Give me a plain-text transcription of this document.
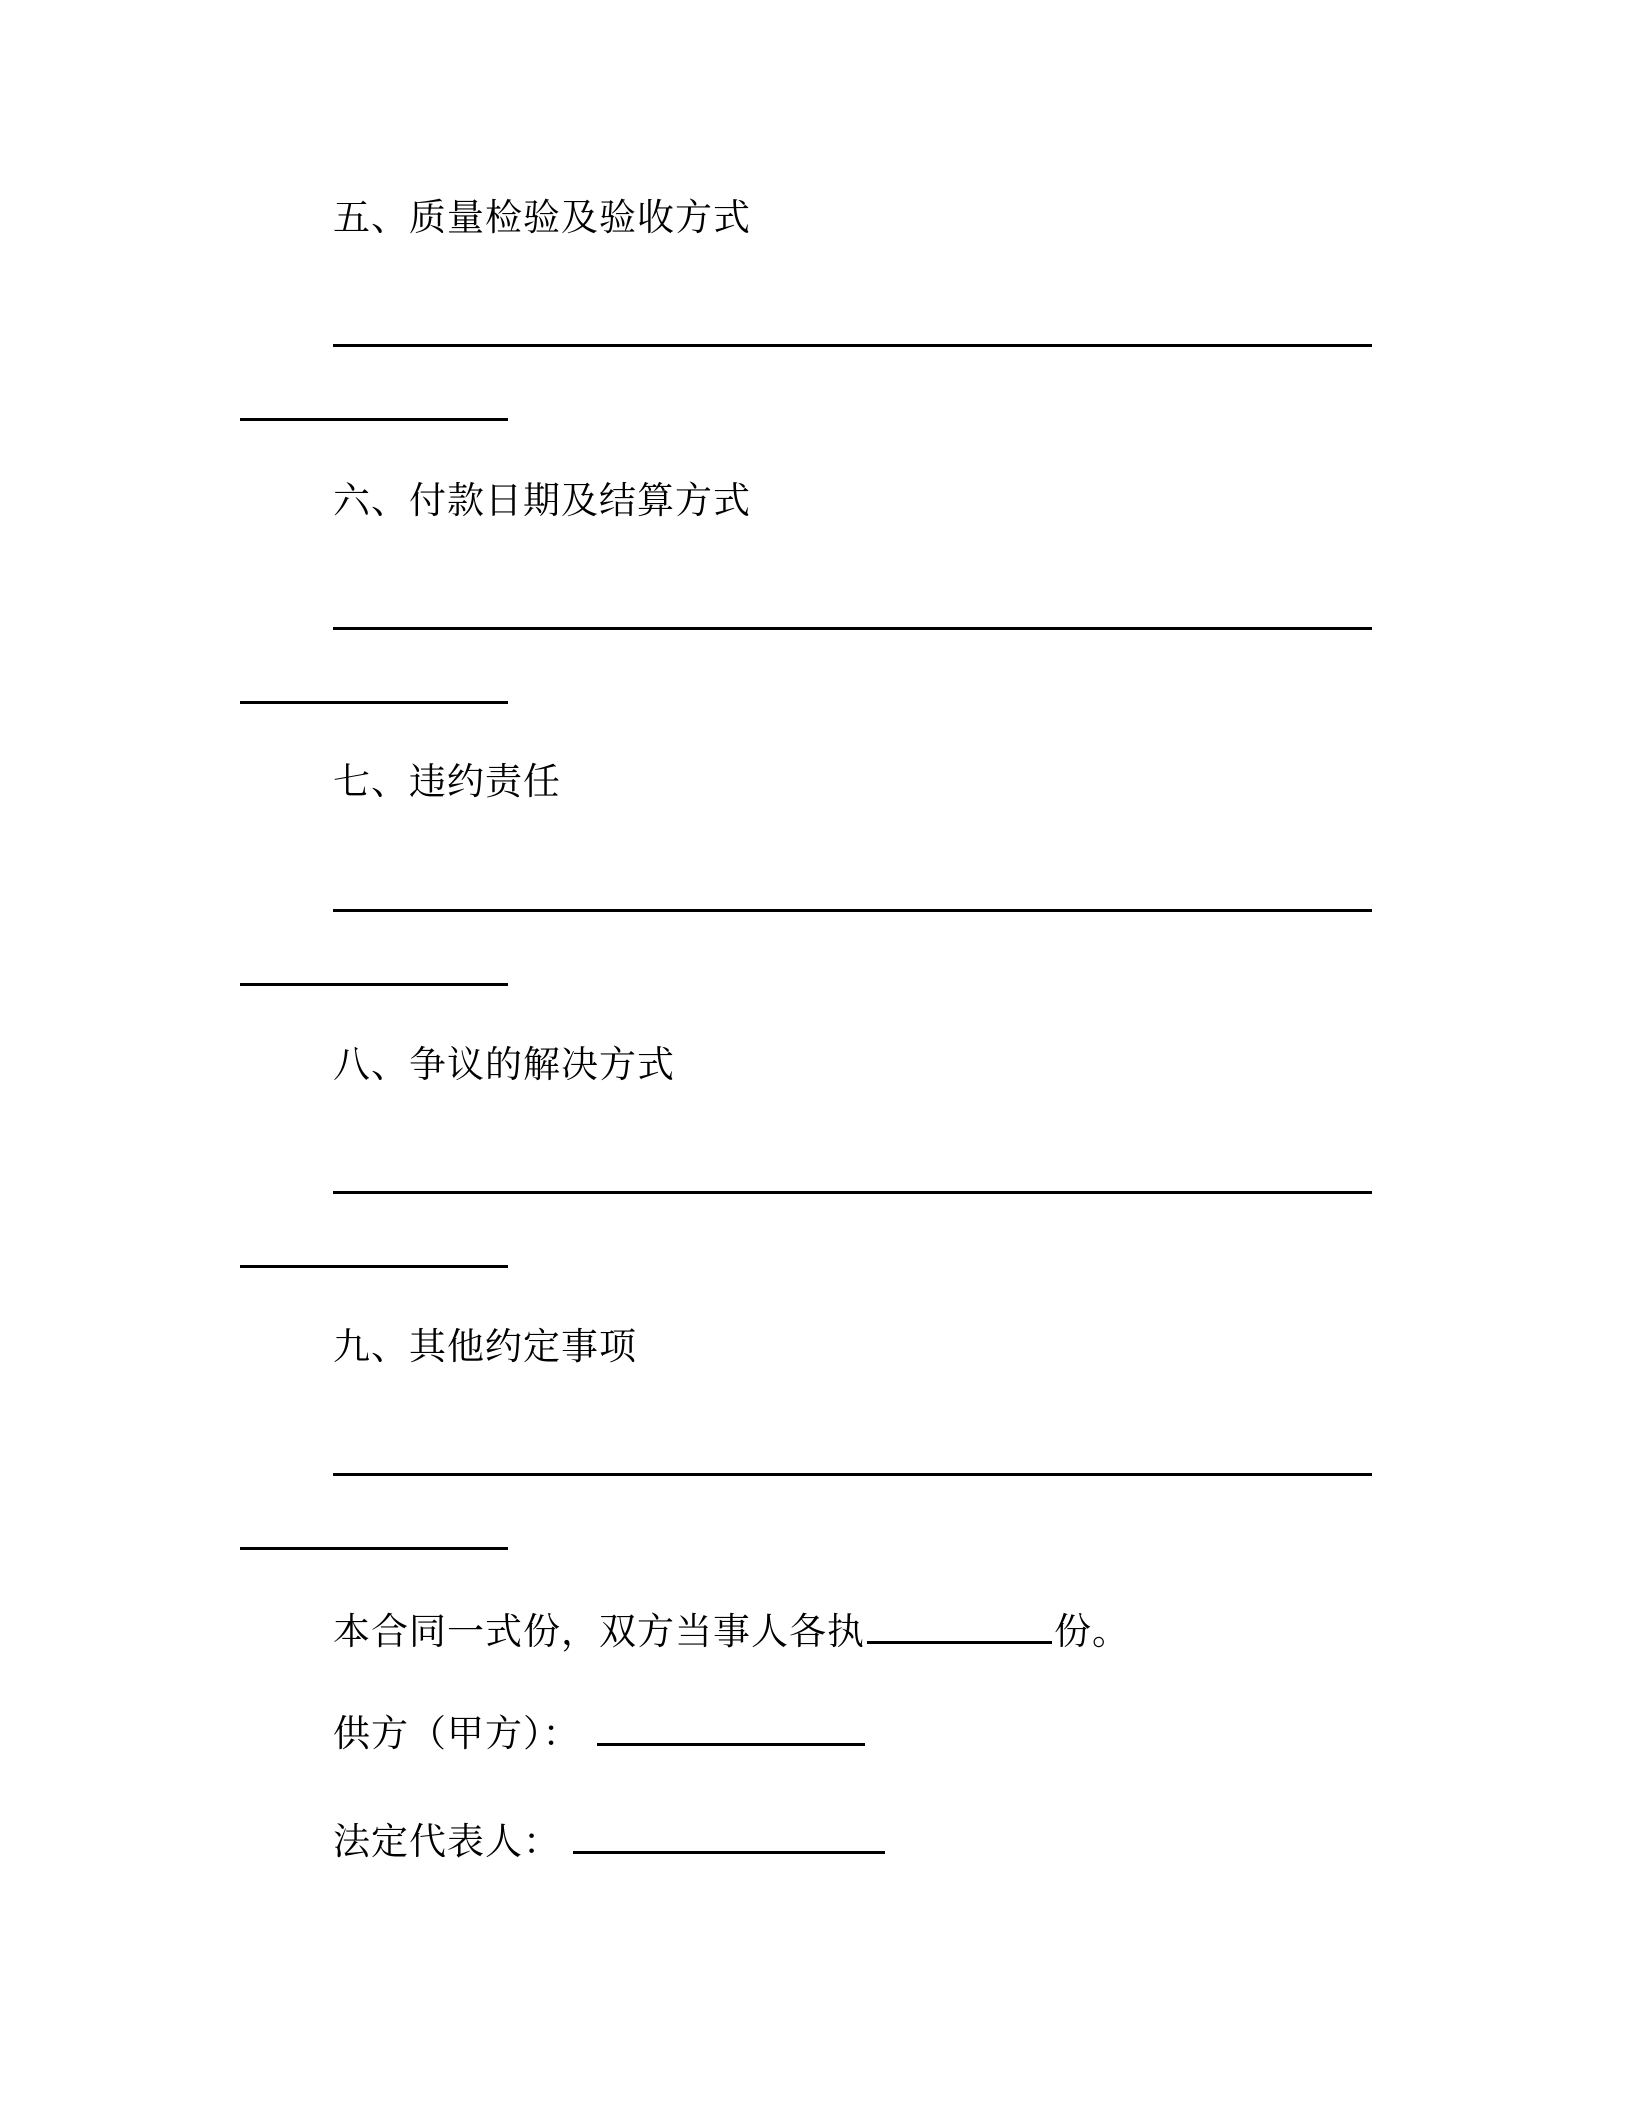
五、质量检验及验收方式
六、付款日期及结算方式
七、违约责任
八、争议的解决方式
九、其他约定事项
本合同一式份，双方当事人各执	份。
供方（甲方）：
法定代表人：
